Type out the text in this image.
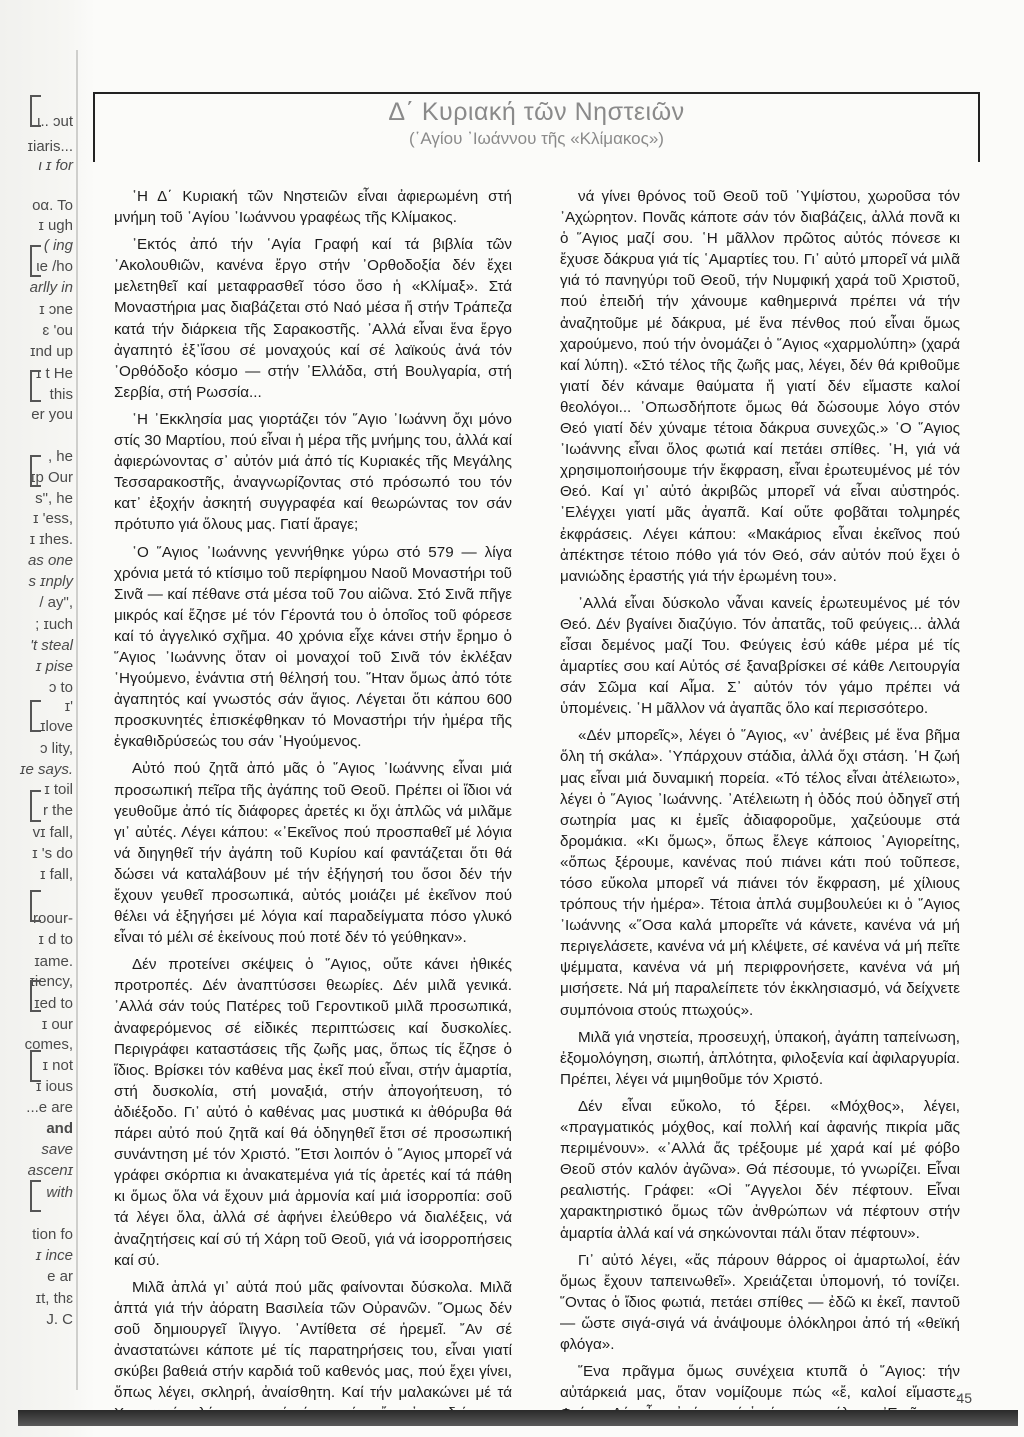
ι.. ɔut
ɪiaris...
ι ɪ for
οα. Το
ɪ ugh
( ing
ιe /ho
arlly in
ɪ ɔne
ɛ 'ou
ɪnd up
ɪ t He
this
er you
, he
ɪp Our
s", he
ɪ 'ess,
ɪ ɪhes.
as one
s ɪnply
/ ay",
; ɪuch
't steal
ɪ pise
ɔ to
ɪ'
ɪlove
ɔ lity,
ɪe says.
ɪ toil
r the
vɪ fall,
ɪ 's do
ɪ fall,
roour-
ɪ d to
ɪame.
ɪiency,
ɪed to
ɪ our
comes,
ɪ not
ɪ ious
...e are
and
save
ascenɪ
with
tion fo
ɪ ince
e ar
ɪt, thɛ
J. C
Δ΄ Κυριακή τῶν Νηστειῶν
(῾Αγίου ᾿Ιωάννου τῆς «Κλίμακος»)

῾Η Δ΄ Κυριακή τῶν Νηστειῶν εἶναι ἀφιερωμένη στή μνήμη τοῦ ῾Αγίου ᾿Ιωάννου γραφέως τῆς Κλίμακος.

᾿Εκτός ἀπό τήν ῾Αγία Γραφή καί τά βιβλία τῶν ᾿Ακολουθιῶν, κανένα ἔργο στήν ᾿Ορθοδοξία δέν ἔχει μελετηθεῖ καί μεταφρασθεῖ τόσο ὅσο ἡ «Κλίμαξ». Στά Μοναστήρια μας διαβάζεται στό Ναό μέσα ἤ στήν Τράπεζα κατά τήν διάρκεια τῆς Σαρακοστῆς. ᾿Αλλά εἶναι ἕνα ἔργο ἀγαπητό ἐξ᾿ἴσου σέ μοναχούς καί σέ λαϊκούς ἀνά τόν ᾿Ορθόδοξο κόσμο — στήν ᾿Ελλάδα, στή Βουλγαρία, στή Σερβία, στή Ρωσσία...

῾Η ᾿Εκκλησία μας γιορτάζει τόν ῞Αγιο ᾿Ιωάννη ὄχι μόνο στίς 30 Μαρτίου, πού εἶναι ἡ μέρα τῆς μνήμης του, ἀλλά καί ἀφιερώνοντας σ᾿ αὐτόν μιά ἀπό τίς Κυριακές τῆς Μεγάλης Τεσσαρακοστῆς, ἀναγνωρίζοντας στό πρόσωπό του τόν κατ᾿ ἐξοχήν ἀσκητή συγγραφέα καί θεωρώντας τον σάν πρότυπο γιά ὅλους μας. Γιατί ἄραγε;

῾Ο ῞Αγιος ᾿Ιωάννης γεννήθηκε γύρω στό 579 — λίγα χρόνια μετά τό κτίσιμο τοῦ περίφημου Ναοῦ Μοναστήρι τοῦ Σινᾶ — καί πέθανε στά μέσα τοῦ 7ου αἰῶνα. Στό Σινᾶ πῆγε μικρός καί ἔζησε μέ τόν Γέροντά του ὁ ὁποῖος τοῦ φόρεσε καί τό ἀγγελικό σχῆμα. 40 χρόνια εἶχε κάνει στήν ἔρημο ὁ ῞Αγιος ᾿Ιωάννης ὅταν οἱ μοναχοί τοῦ Σινᾶ τόν ἐκλέξαν ῾Ηγούμενο, ἐνάντια στή θέλησή του. ῞Ηταν ὅμως ἀπό τότε ἀγαπητός καί γνωστός σάν ἅγιος. Λέγεται ὅτι κάπου 600 προσκυνητές ἐπισκέφθηκαν τό Μοναστήρι τήν ἡμέρα τῆς ἐγκαθιδρύσεώς του σάν ῾Ηγούμενος.

Αὐτό πού ζητᾶ ἀπό μᾶς ὁ ῞Αγιος ᾿Ιωάννης εἶναι μιά προσωπική πεῖρα τῆς ἀγάπης τοῦ Θεοῦ. Πρέπει οἱ ἴδιοι νά γευθοῦμε ἀπό τίς διάφορες ἀρετές κι ὄχι ἁπλῶς νά μιλᾶμε γι᾿ αὐτές. Λέγει κάπου: «᾿Εκεῖνος πού προσπαθεῖ μέ λόγια νά διηγηθεῖ τήν ἀγάπη τοῦ Κυρίου καί φαντάζεται ὅτι θά δώσει νά καταλάβουν μέ τήν ἐξήγησή του ὅσοι δέν τήν ἔχουν γευθεῖ προσωπικά, αὐτός μοιάζει μέ ἐκεῖνον πού θέλει νά ἐξηγήσει μέ λόγια καί παραδείγματα πόσο γλυκό εἶναι τό μέλι σέ ἐκείνους πού ποτέ δέν τό γεύθηκαν».

Δέν προτείνει σκέψεις ὁ ῞Αγιος, οὔτε κάνει ἠθικές προτροπές. Δέν ἀναπτύσσει θεωρίες. Δέν μιλᾶ γενικά. ᾿Αλλά σάν τούς Πατέρες τοῦ Γεροντικοῦ μιλᾶ προσωπικά, ἀναφερόμενος σέ εἰδικές περιπτώσεις καί δυσκολίες. Περιγράφει καταστάσεις τῆς ζωῆς μας, ὅπως τίς ἔζησε ὁ ἴδιος. Βρίσκει τόν καθένα μας ἐκεῖ πού εἶναι, στήν ἁμαρτία, στή δυσκολία, στή μοναξιά, στήν ἀπογοήτευση, τό ἀδιέξοδο. Γι᾿ αὐτό ὁ καθένας μας μυστικά κι ἀθόρυβα θά πάρει αὐτό πού ζητᾶ καί θά ὁδηγηθεῖ ἔτσι σέ προσωπική συνάντηση μέ τόν Χριστό. ῎Ετσι λοιπόν ὁ ῞Αγιος μπορεῖ νά γράφει σκόρπια κι ἀνακατεμένα γιά τίς ἀρετές καί τά πάθη κι ὅμως ὅλα νά ἔχουν μιά ἁρμονία καί μιά ἰσορροπία: σοῦ τά λέγει ὅλα, ἀλλά σέ ἀφήνει ἐλεύθερο νά διαλέξεις, νά ἀναζητήσεις καί σύ τή Χάρη τοῦ Θεοῦ, γιά νά ἰσορροπήσεις καί σύ.

Μιλᾶ ἁπλά γι᾿ αὐτά πού μᾶς φαίνονται δύσκολα. Μιλᾶ ἁπτά γιά τήν ἀόρατη Βασιλεία τῶν Οὐρανῶν. ῞Ομως δέν σοῦ δημιουργεῖ ἴλιγγο. ᾿Αντίθετα σέ ἠρεμεῖ. ῎Αν σέ ἀναστατώνει κάποτε μέ τίς παρατηρήσεις του, εἶναι γιατί σκύβει βαθειά στήν καρδιά τοῦ καθενός μας, πού ἔχει γίνει, ὅπως λέγει, σκληρή, ἀναίσθητη. Καί τήν μαλακώνει μέ τά

νά γίνει θρόνος τοῦ Θεοῦ τοῦ ῾Υψίστου, χωροῦσα τόν ᾿Αχώρητον. Πονᾶς κάποτε σάν τόν διαβάζεις, ἀλλά πονᾶ κι ὁ ῞Αγιος μαζί σου. ῾Η μᾶλλον πρῶτος αὐτός πόνεσε κι ἔχυσε δάκρυα γιά τίς ῾Αμαρτίες του. Γι᾿ αὐτό μπορεῖ νά μιλᾶ γιά τό πανηγύρι τοῦ Θεοῦ, τήν Νυμφική χαρά τοῦ Χριστοῦ, πού ἐπειδή τήν χάνουμε καθημερινά πρέπει νά τήν ἀναζητοῦμε μέ δάκρυα, μέ ἕνα πένθος πού εἶναι ὅμως χαρούμενο, πού τήν ὀνομάζει ὁ ῞Αγιος «χαρμολύπη» (χαρά καί λύπη). «Στό τέλος τῆς ζωῆς μας, λέγει, δέν θά κριθοῦμε γιατί δέν κάναμε θαύματα ἤ γιατί δέν εἴμαστε καλοί θεολόγοι... ᾿Οπωσδήποτε ὅμως θά δώσουμε λόγο στόν Θεό γιατί δέν χύναμε τέτοια δάκρυα συνεχῶς.» ῾Ο ῞Αγιος ᾿Ιωάννης εἶναι ὅλος φωτιά καί πετάει σπίθες. ῾Η, γιά νά χρησιμοποιήσουμε τήν ἔκφραση, εἶναι ἐρωτευμένος μέ τόν Θεό. Καί γι᾿ αὐτό ἀκριβῶς μπορεῖ νά εἶναι αὐστηρός. ᾿Ελέγχει γιατί μᾶς ἀγαπᾶ. Καί οὔτε φοβᾶται τολμηρές ἐκφράσεις. Λέγει κάπου: «Μακάριος εἶναι ἐκεῖνος πού ἀπέκτησε τέτοιο πόθο γιά τόν Θεό, σάν αὐτόν πού ἔχει ὁ μανιώδης ἐραστής γιά τήν ἐρωμένη του».

᾿Αλλά εἶναι δύσκολο νἆναι κανείς ἐρωτευμένος μέ τόν Θεό. Δέν βγαίνει διαζύγιο. Τόν ἀπατᾶς, τοῦ φεύγεις... ἀλλά εἶσαι δεμένος μαζί Του. Φεύγεις ἐσύ κάθε μέρα μέ τίς ἁμαρτίες σου καί Αὐτός σέ ξαναβρίσκει σέ κάθε Λειτουργία σάν Σῶμα καί Αἷμα. Σ᾿ αὐτόν τόν γάμο πρέπει νά ὑπομένεις. ῾Η μᾶλλον νά ἀγαπᾶς ὅλο καί περισσότερο.

«Δέν μπορεῖς», λέγει ὁ ῞Αγιος, «ν᾿ ἀνέβεις μέ ἕνα βῆμα ὅλη τή σκάλα». ῾Υπάρχουν στάδια, ἀλλά ὄχι στάση. ῾Η ζωή μας εἶναι μιά δυναμική πορεία. «Τό τέλος εἶναι ἀτέλειωτο», λέγει ὁ ῞Αγιος ᾿Ιωάννης. ᾿Ατέλειωτη ἡ ὁδός πού ὁδηγεῖ στή σωτηρία μας κι ἐμεῖς ἀδιαφοροῦμε, χαζεύουμε στά δρομάκια. «Κι ὅμως», ὅπως ἔλεγε κάποιος ῾Αγιορείτης, «ὅπως ξέρουμε, κανένας πού πιάνει κάτι πού τοῦπεσε, τόσο εὔκολα μπορεῖ νά πιάνει τόν ἔκφραση, μέ χίλιους τρόπους τήν ἡμέρα». Τέτοια ἁπλά συμβουλεύει κι ὁ ῞Αγιος ᾿Ιωάννης «῞Οσα καλά μπορεῖτε νά κάνετε, κανένα νά μή περιγελάσετε, κανένα νά μή κλέψετε, σέ κανένα νά μή πεῖτε ψέμματα, κανένα νά μή περιφρονήσετε, κανένα νά μή μισήσετε. Νά μή παραλείπετε τόν ἐκκλησιασμό, νά δείχνετε συμπόνοια στούς πτωχούς».

Μιλᾶ γιά νηστεία, προσευχή, ὑπακοή, ἀγάπη ταπείνωση, ἐξομολόγηση, σιωπή, ἁπλότητα, φιλοξενία καί ἀφιλαργυρία. Πρέπει, λέγει νά μιμηθοῦμε τόν Χριστό.

Δέν εἶναι εὔκολο, τό ξέρει. «Μόχθος», λέγει, «πραγματικός μόχθος, καί πολλή καί ἀφανής πικρία μᾶς περιμένουν». «᾿Αλλά ἄς τρέξουμε μέ χαρά καί μέ φόβο Θεοῦ στόν καλόν ἀγῶνα». Θά πέσουμε, τό γνωρίζει. Εἶναι ρεαλιστής. Γράφει: «Οἱ ῎Αγγελοι δέν πέφτουν. Εἶναι χαρακτηριστικό ὅμως τῶν ἀνθρώπων νά πέφτουν στήν ἁμαρτία ἀλλά καί νά σηκώνονται πάλι ὅταν πέφτουν».

Γι᾿ αὐτό λέγει, «ἄς πάρουν θάρρος οἱ ἁμαρτωλοί, ἐάν ὅμως ἔχουν ταπεινωθεῖ». Χρειάζεται ὑπομονή, τό τονίζει. ῞Οντας ὁ ἴδιος φωτιά, πετάει σπίθες — ἐδῶ κι ἐκεῖ, παντοῦ — ὥστε σιγά-σιγά νά ἀνάψουμε ὁλόκληροι ἀπό τή «θεϊκή φλόγα».

῞Ενα πρᾶγμα ὅμως συνέχεια κτυπᾶ ὁ ῞Αγιος: τήν αὐτάρκειά μας, ὅταν νομίζουμε πώς «ἔ, καλοί εἴμαστε.

45
